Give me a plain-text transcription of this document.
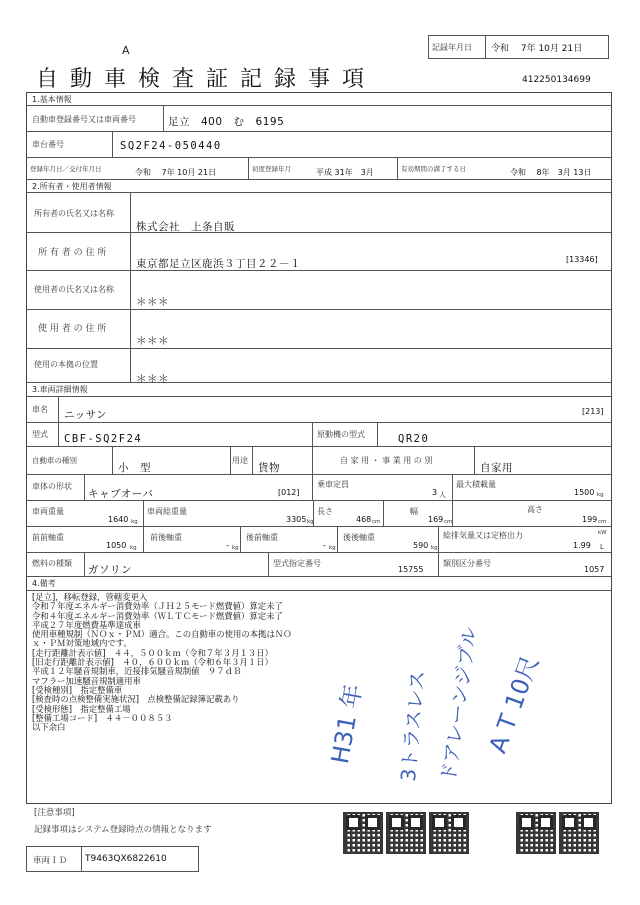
A
自動車検査証記録事項
記録年月日 令和　 7年 10月 21日
412250134699
1.基本情報
自動車登録番号又は車両番号	足立　400　む　6195
車台番号	SQ2F24-050440
登録年月日／交付年月日	令和　 7年 10月 21日	初度登録年月	平成 31年　3月	有効期間の満了する日	令和　 8年　3月 13日
2.所有者・使用者情報
所有者の氏名又は名称
株式会社　上条自販
所 有 者 の 住 所
東京都足立区鹿浜３丁目２２－１	[13346]
使用者の氏名又は名称
＊＊＊
使 用 者 の 住 所
＊＊＊
使用の本拠の位置
＊＊＊
3.車両詳細情報
車名 ニッサン	[213]
型式 CBF-SQ2F24	原動機の型式	QR20
自動車の種別
小　型
用途
貨物
自 家 用 ・ 事 業 用 の 別
自家用
車体の形状
キャブオーバ	[012]
乗車定員
3 人
最大積載量
1500 kg
車両重量
1640 kg
車両総重量
3305 kg
長さ
468 cm
幅
169 cm
高さ
199 cm
前前軸重
1050 kg
前後軸重
- kg
後前軸重
- kg
後後軸重
590 kg
総排気量又は定格出力	kW
1.99 L
燃料の種類
ガソリン
型式指定番号
15755
類別区分番号
1057
4.備考
[足立]，移転登録，管轄変更入
令和７年度エネルギー消費効率（ＪＨ２５モード燃費値）算定未了
令和４年度エネルギー消費効率（ＷＬＴＣモード燃費値）算定未了
平成２７年度燃費基準達成車
使用車種規制（ＮＯｘ・ＰＭ）適合。この自動車の使用の本拠はＮＯ
ｘ・ＰＭ対策地域内です。
[走行距離計表示値]　４４，５００ｋｍ（令和７年３月１３日）
[旧走行距離計表示値]　４０，６００ｋｍ（令和６年３月１日）
平成１２年騒音規制車，近接排気騒音規制値　９７ｄＢ
マフラー加速騒音規制適用車
[受検種別]　指定整備車
[検査時の点検整備実施状況]　点検整備記録簿記載あり
[受検形態]　指定整備工場
[整備工場コード]　４４－００８５３
以下余白	H31 年 3トラスレス ドアレーンジブル A T 10尺
[注意事項]
記録事項はシステム登録時点の情報となります
車両ＩＤ T9463QX6822610
